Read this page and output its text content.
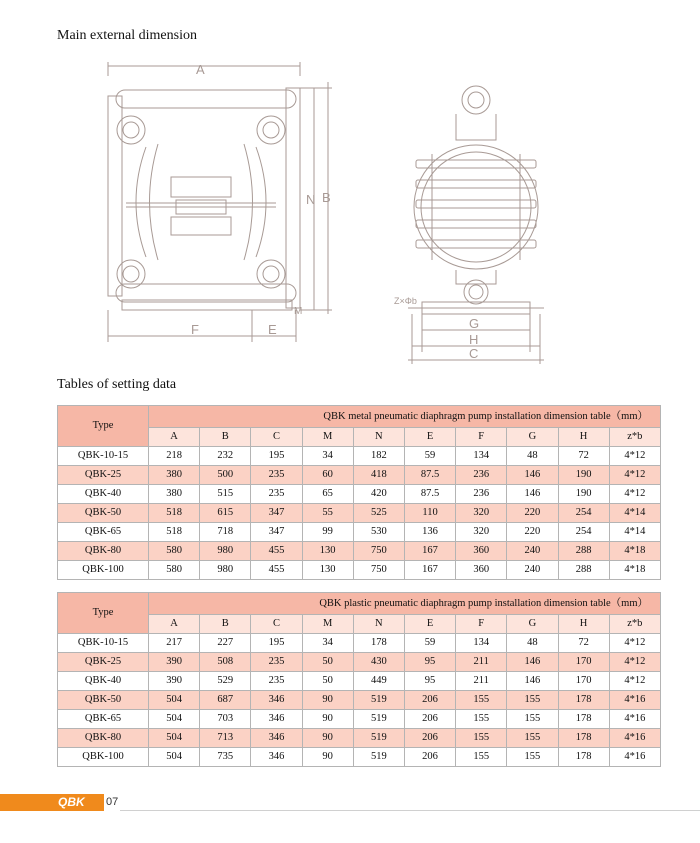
Main external dimension
A
N B
M
F	E	G
H
C
Z×Φb
Tables of setting data
Type	QBK metal pneumatic diaphragm pump installation dimension table（mm）									
	A	B	C	M	N	E	F	G	H	z*b
QBK-10-15	218	232	195	34	182	59	134	48	72	4*12
QBK-25	380	500	235	60	418	87.5	236	146	190	4*12
QBK-40	380	515	235	65	420	87.5	236	146	190	4*12
QBK-50	518	615	347	55	525	110	320	220	254	4*14
QBK-65	518	718	347	99	530	136	320	220	254	4*14
QBK-80	580	980	455	130	750	167	360	240	288	4*18
QBK-100	580	980	455	130	750	167	360	240	288	4*18
Type	QBK plastic pneumatic diaphragm pump installation dimension table（mm）									
	A	B	C	M	N	E	F	G	H	z*b
QBK-10-15	217	227	195	34	178	59	134	48	72	4*12
QBK-25	390	508	235	50	430	95	211	146	170	4*12
QBK-40	390	529	235	50	449	95	211	146	170	4*12
QBK-50	504	687	346	90	519	206	155	155	178	4*16
QBK-65	504	703	346	90	519	206	155	155	178	4*16
QBK-80	504	713	346	90	519	206	155	155	178	4*16
QBK-100	504	735	346	90	519	206	155	155	178	4*16
QBK 07
